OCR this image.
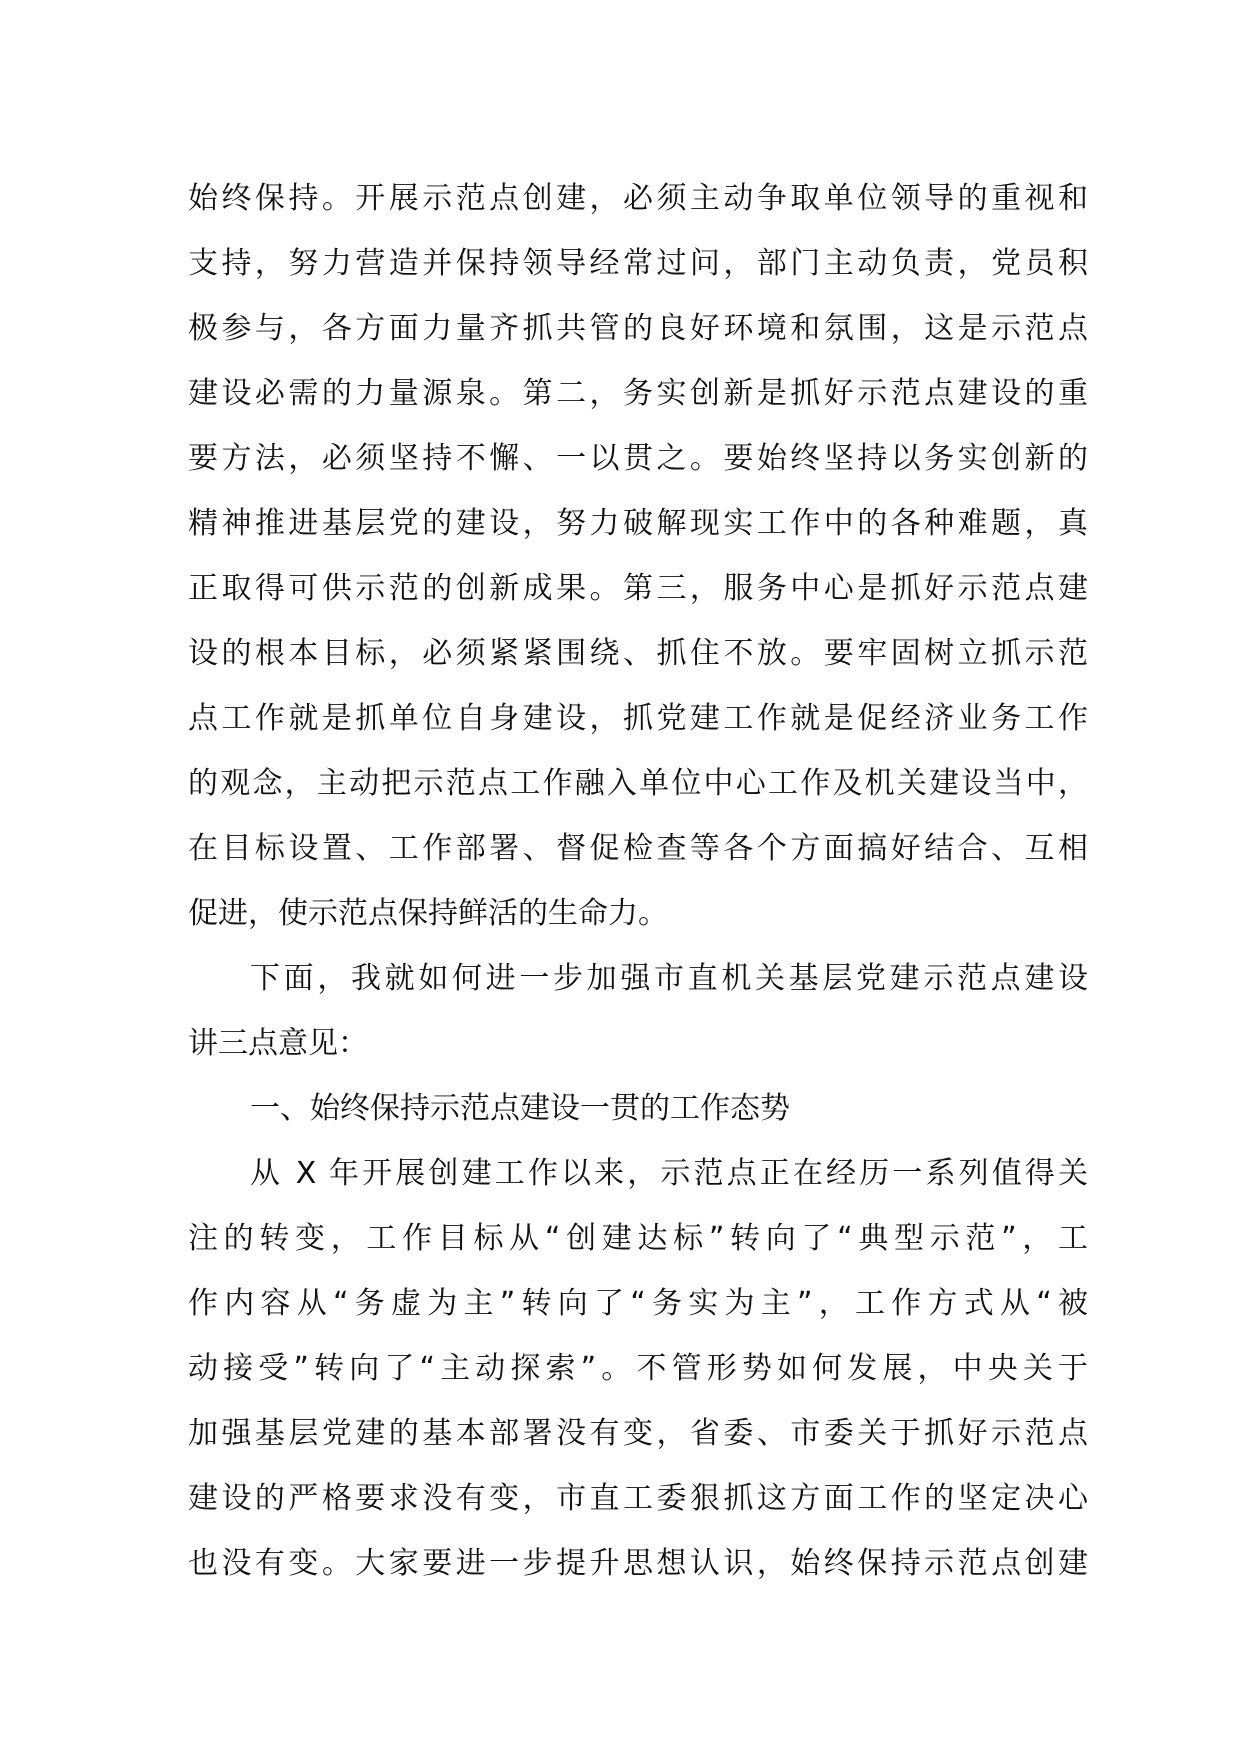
始终保持。开展示范点创建，必须主动争取单位领导的重视和
支持，努力营造并保持领导经常过问，部门主动负责，党员积
极参与，各方面力量齐抓共管的良好环境和氛围，这是示范点
建设必需的力量源泉。第二，务实创新是抓好示范点建设的重
要方法，必须坚持不懈、一以贯之。要始终坚持以务实创新的
精神推进基层党的建设，努力破解现实工作中的各种难题，真
正取得可供示范的创新成果。第三，服务中心是抓好示范点建
设的根本目标，必须紧紧围绕、抓住不放。要牢固树立抓示范
点工作就是抓单位自身建设，抓党建工作就是促经济业务工作
的观念，主动把示范点工作融入单位中心工作及机关建设当中，
在目标设置、工作部署、督促检查等各个方面搞好结合、互相
促进，使示范点保持鲜活的生命力。
下面，我就如何进一步加强市直机关基层党建示范点建设
讲三点意见：
一、始终保持示范点建设一贯的工作态势
从 X 年开展创建工作以来，示范点正在经历一系列值得关
注的转变，工作目标从“创建达标”转向了“典型示范”，工
作内容从“务虚为主”转向了“务实为主”，工作方式从“被
动接受”转向了“主动探索”。不管形势如何发展，中央关于
加强基层党建的基本部署没有变，省委、市委关于抓好示范点
建设的严格要求没有变，市直工委狠抓这方面工作的坚定决心
也没有变。大家要进一步提升思想认识，始终保持示范点创建
